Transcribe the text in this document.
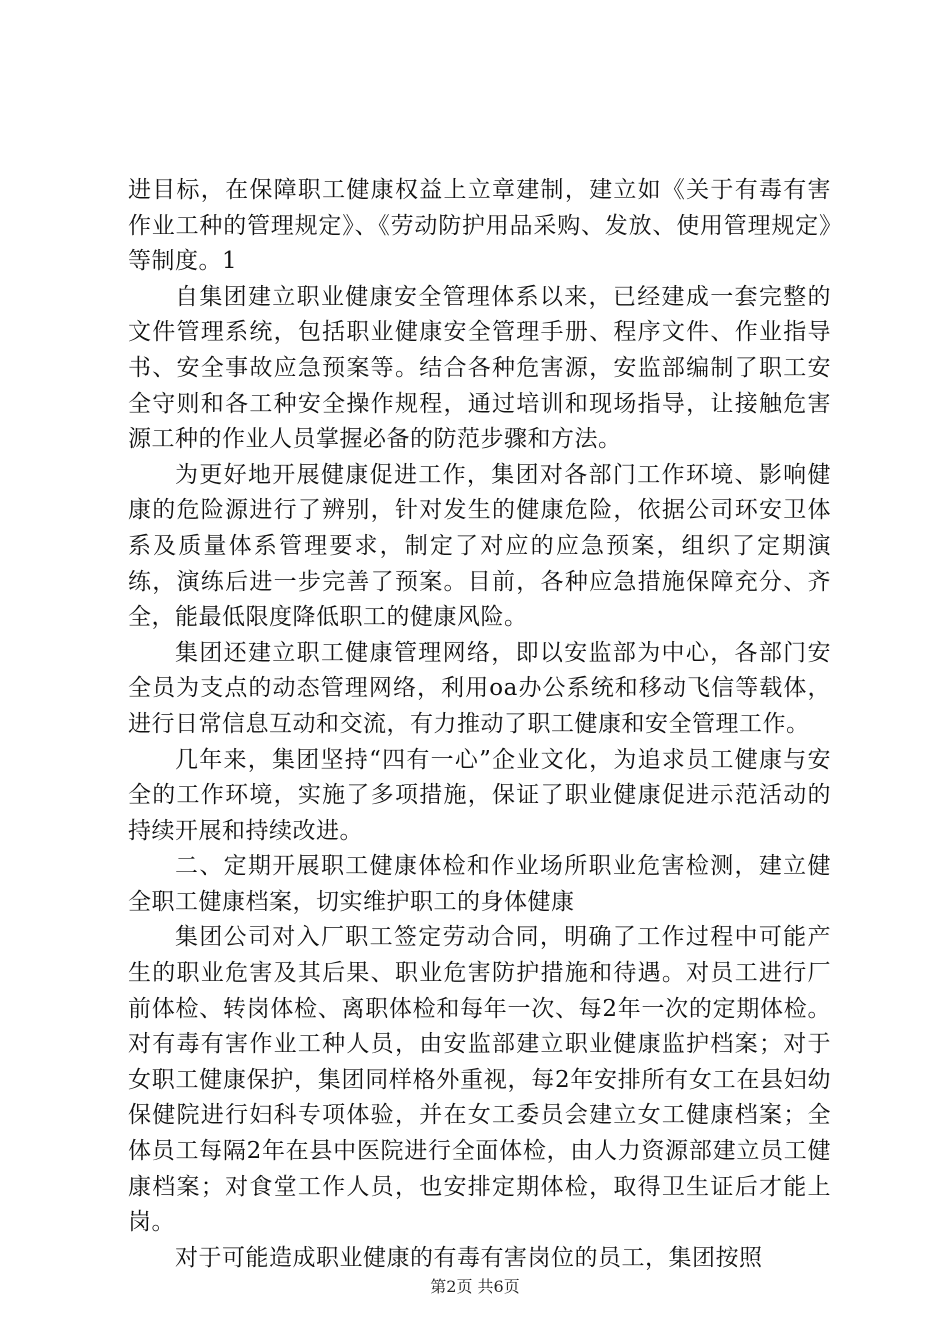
进目标，在保障职工健康权益上立章建制，建立如《关于有毒有害作业工种的管理规定》、《劳动防护用品采购、发放、使用管理规定》等制度。1

自集团建立职业健康安全管理体系以来，已经建成一套完整的文件管理系统，包括职业健康安全管理手册、程序文件、作业指导书、安全事故应急预案等。结合各种危害源，安监部编制了职工安全守则和各工种安全操作规程，通过培训和现场指导，让接触危害源工种的作业人员掌握必备的防范步骤和方法。

为更好地开展健康促进工作，集团对各部门工作环境、影响健康的危险源进行了辨别，针对发生的健康危险，依据公司环安卫体系及质量体系管理要求，制定了对应的应急预案，组织了定期演练，演练后进一步完善了预案。目前，各种应急措施保障充分、齐全，能最低限度降低职工的健康风险。

集团还建立职工健康管理网络，即以安监部为中心，各部门安全员为支点的动态管理网络，利用oa办公系统和移动飞信等载体，进行日常信息互动和交流，有力推动了职工健康和安全管理工作。

几年来，集团坚持“四有一心”企业文化，为追求员工健康与安全的工作环境，实施了多项措施，保证了职业健康促进示范活动的持续开展和持续改进。

二、定期开展职工健康体检和作业场所职业危害检测，建立健全职工健康档案，切实维护职工的身体健康

集团公司对入厂职工签定劳动合同，明确了工作过程中可能产生的职业危害及其后果、职业危害防护措施和待遇。对员工进行厂前体检、转岗体检、离职体检和每年一次、每2年一次的定期体检。对有毒有害作业工种人员，由安监部建立职业健康监护档案；对于女职工健康保护，集团同样格外重视，每2年安排所有女工在县妇幼保健院进行妇科专项体验，并在女工委员会建立女工健康档案；全体员工每隔2年在县中医院进行全面体检，由人力资源部建立员工健康档案；对食堂工作人员，也安排定期体检，取得卫生证后才能上岗。

对于可能造成职业健康的有毒有害岗位的员工，集团按照

第2页 共6页
